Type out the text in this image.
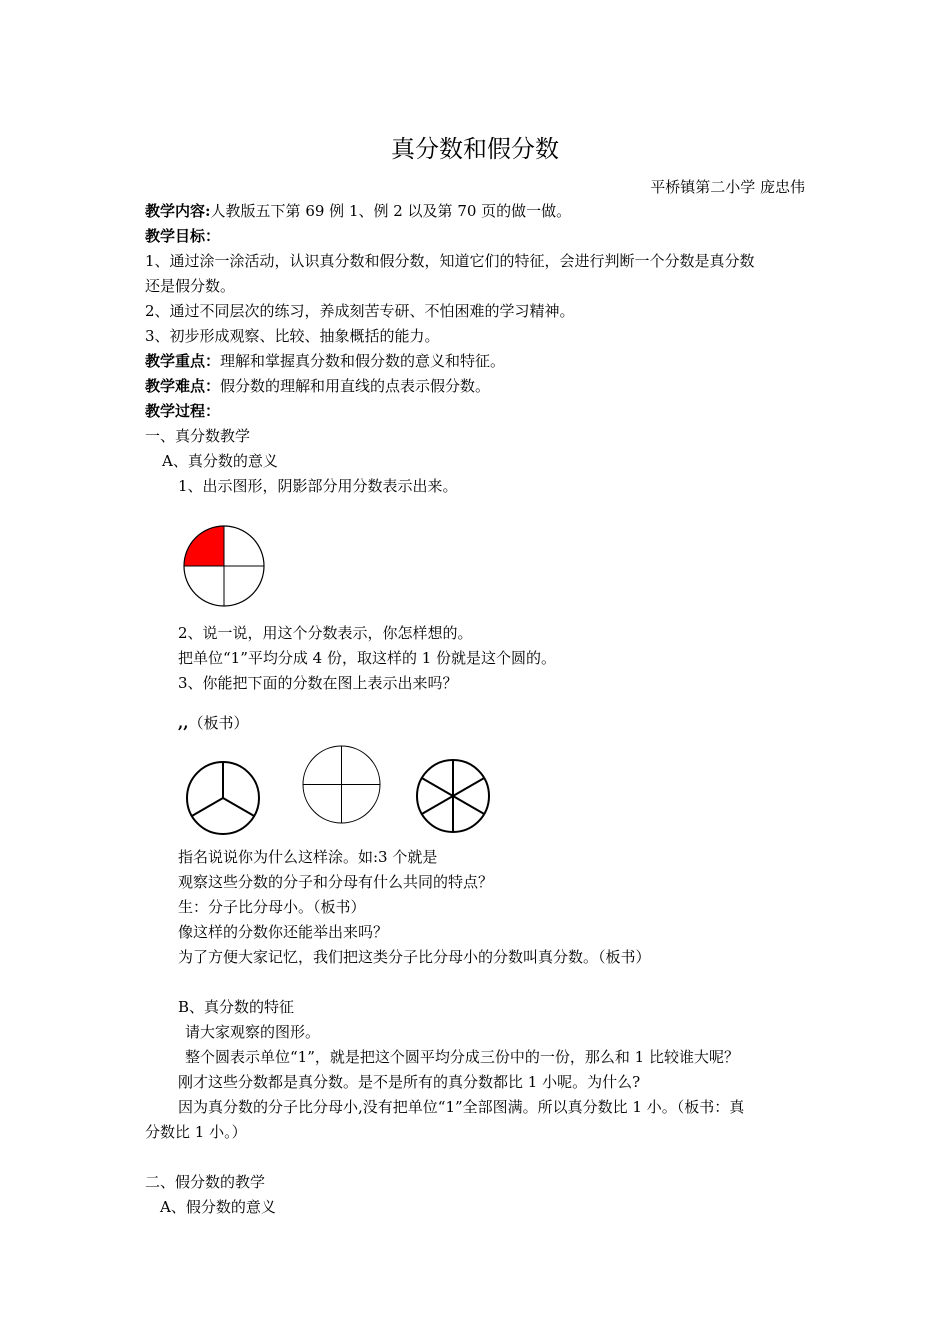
真分数和假分数
平桥镇第二小学 庞忠伟
教学内容:人教版五下第 69 例 1、例 2 以及第 70 页的做一做。
教学目标：
1、通过涂一涂活动，认识真分数和假分数，知道它们的特征，会进行判断一个分数是真分数
还是假分数。
2、通过不同层次的练习，养成刻苦专研、不怕困难的学习精神。
3、初步形成观察、比较、抽象概括的能力。
教学重点：理解和掌握真分数和假分数的意义和特征。
教学难点：假分数的理解和用直线的点表示假分数。
教学过程：
一、真分数教学
A、真分数的意义
1、出示图形，阴影部分用分数表示出来。
2、说一说，用这个分数表示，你怎样想的。
把单位“1”平均分成 4 份，取这样的 1 份就是这个圆的。
3、你能把下面的分数在图上表示出来吗？
,,（板书）
指名说说你为什么这样涂。如:3 个就是
观察这些分数的分子和分母有什么共同的特点？
生：分子比分母小。（板书）
像这样的分数你还能举出来吗？
为了方便大家记忆，我们把这类分子比分母小的分数叫真分数。（板书）
B、真分数的特征
请大家观察的图形。
整个圆表示单位“1”，就是把这个圆平均分成三份中的一份，那么和 1 比较谁大呢？
刚才这些分数都是真分数。是不是所有的真分数都比 1 小呢。为什么?
因为真分数的分子比分母小,没有把单位“1”全部图满。所以真分数比 1 小。（板书：真
分数比 1 小。）
二、假分数的教学
A、假分数的意义
